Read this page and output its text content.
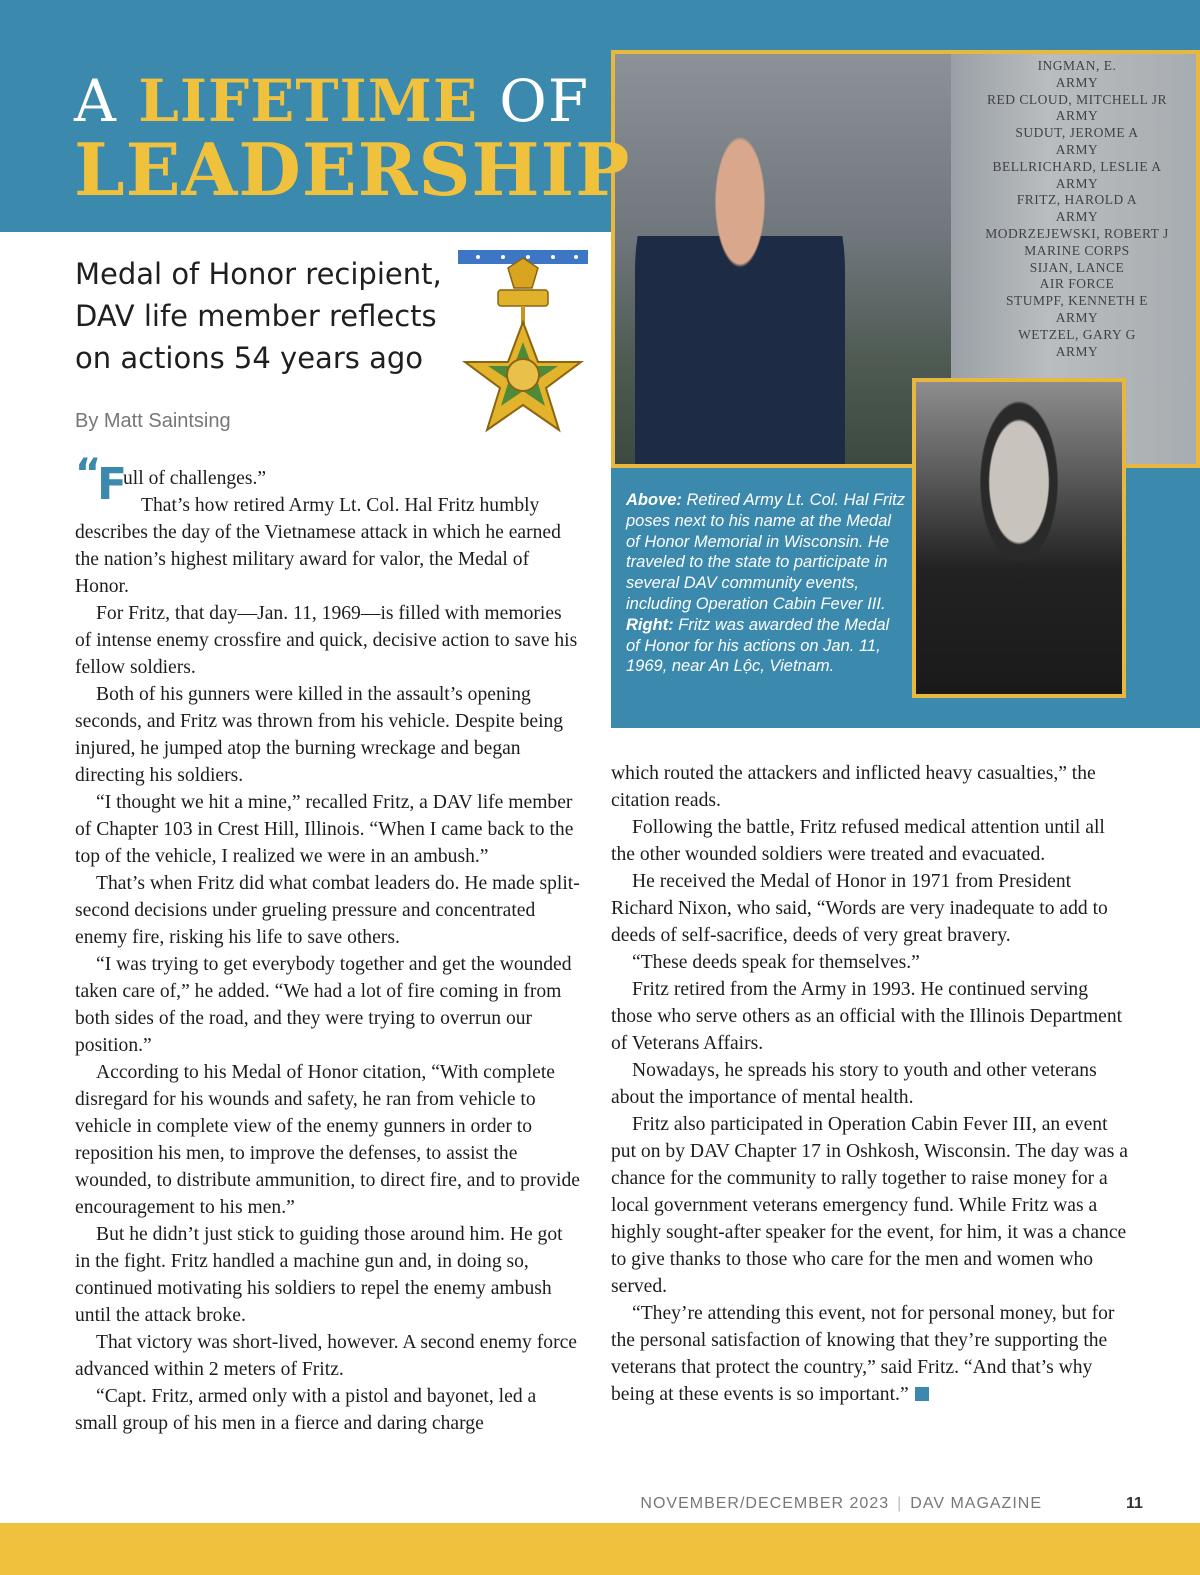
INGMAN, E.
ARMY
RED CLOUD, MITCHELL JR
ARMY
SUDUT, JEROME A
ARMY
BELLRICHARD, LESLIE A
ARMY
FRITZ, HAROLD A
ARMY
MODRZEJEWSKI, ROBERT J
MARINE CORPS
SIJAN, LANCE
AIR FORCE
STUMPF, KENNETH E
ARMY
WETZEL, GARY G
ARMY
Above: Retired Army Lt. Col. Hal Fritz poses next to his name at the Medal of Honor Memorial in Wisconsin. He traveled to the state to participate in several DAV community events, including Operation Cabin Fever III. Right: Fritz was awarded the Medal of Honor for his actions on Jan. 11, 1969, near An Lộc, Vietnam.
A LIFETIME OF
LEADERSHIP
Medal of Honor recipient, DAV life member reflects on actions 54 years ago
By Matt Saintsing

“
F
ull of challenges.”

That’s how retired Army Lt. Col. Hal Fritz humbly describes the day of the Vietnamese attack in which he earned the nation’s highest military award for valor, the Medal of Honor.

For Fritz, that day—Jan. 11, 1969—is filled with memories of intense enemy crossfire and quick, decisive action to save his fellow soldiers.

Both of his gunners were killed in the assault’s opening seconds, and Fritz was thrown from his vehicle. Despite being injured, he jumped atop the burning wreckage and began directing his soldiers.

“I thought we hit a mine,” recalled Fritz, a DAV life member of Chapter 103 in Crest Hill, Illinois. “When I came back to the top of the vehicle, I realized we were in an ambush.”

That’s when Fritz did what combat leaders do. He made split-second decisions under grueling pressure and concentrated enemy fire, risking his life to save others.

“I was trying to get everybody together and get the wounded taken care of,” he added. “We had a lot of fire coming in from both sides of the road, and they were trying to overrun our position.”

According to his Medal of Honor citation, “With complete disregard for his wounds and safety, he ran from vehicle to vehicle in complete view of the enemy gunners in order to reposition his men, to improve the defenses, to assist the wounded, to distribute ammunition, to direct fire, and to provide encouragement to his men.”

But he didn’t just stick to guiding those around him. He got in the fight. Fritz handled a machine gun and, in doing so, continued motivating his soldiers to repel the enemy ambush until the attack broke.

That victory was short-lived, however. A second enemy force advanced within 2 meters of Fritz.

“Capt. Fritz, armed only with a pistol and bayonet, led a small group of his men in a fierce and daring charge

which routed the attackers and inflicted heavy casualties,” the citation reads.

Following the battle, Fritz refused medical attention until all the other wounded soldiers were treated and evacuated.

He received the Medal of Honor in 1971 from President Richard Nixon, who said, “Words are very inadequate to add to deeds of self-sacrifice, deeds of very great bravery.

“These deeds speak for themselves.”

Fritz retired from the Army in 1993. He continued serving those who serve others as an official with the Illinois Department of Veterans Affairs.

Nowadays, he spreads his story to youth and other veterans about the importance of mental health.

Fritz also participated in Operation Cabin Fever III, an event put on by DAV Chapter 17 in Oshkosh, Wisconsin. The day was a chance for the community to rally together to raise money for a local government veterans emergency fund. While Fritz was a highly sought-after speaker for the event, for him, it was a chance to give thanks to those who care for the men and women who served.

“They’re attending this event, not for personal money, but for the personal satisfaction of knowing that they’re supporting the veterans that protect the country,” said Fritz. “And that’s why being at these events is so important.”

NOVEMBER/DECEMBER 2023 | DAV MAGAZINE	11
